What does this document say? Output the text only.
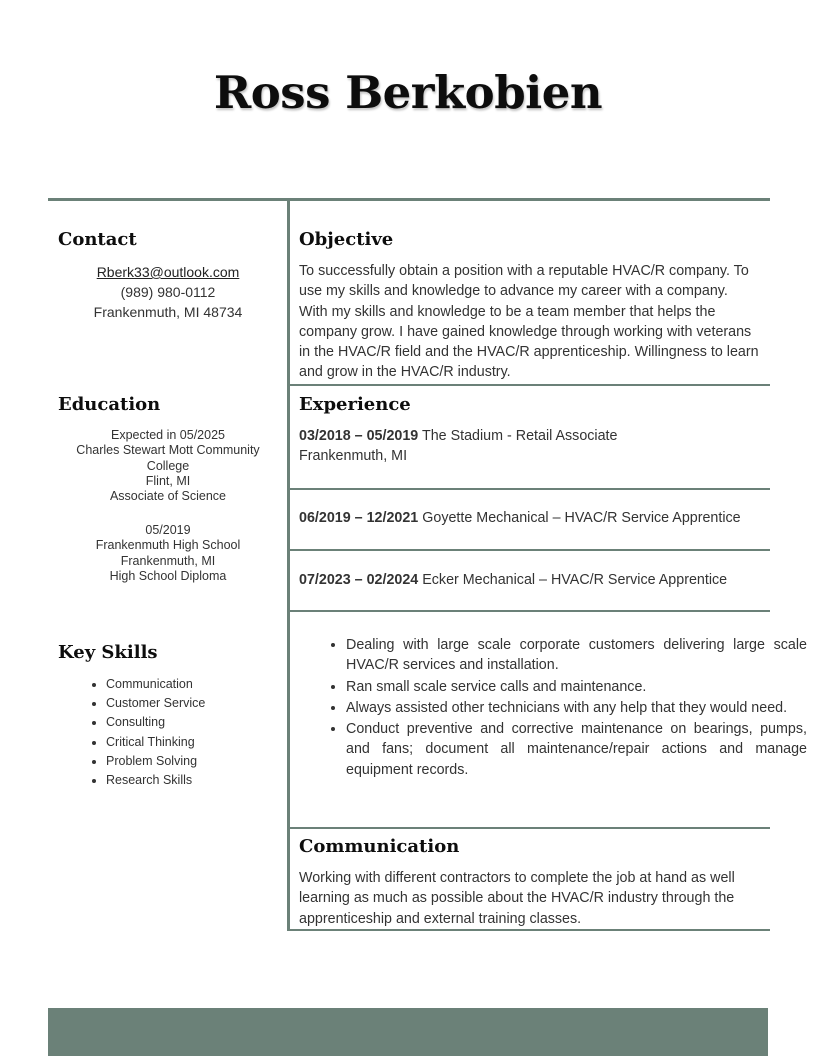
Ross Berkobien
Contact
Rberk33@outlook.com
(989) 980-0112
Frankenmuth, MI 48734
Education
Expected in 05/2025
Charles Stewart Mott Community College
Flint, MI
Associate of Science
05/2019
Frankenmuth High School
Frankenmuth, MI
High School Diploma
Key Skills
• Communication
• Customer Service
• Consulting
• Critical Thinking
• Problem Solving
• Research Skills
Objective
To successfully obtain a position with a reputable HVAC/R company. To use my skills and knowledge to advance my career with a company. With my skills and knowledge to be a team member that helps the company grow. I have gained knowledge through working with veterans in the HVAC/R field and the HVAC/R apprenticeship. Willingness to learn and grow in the HVAC/R industry.
Experience
03/2018 – 05/2019 The Stadium - Retail Associate
Frankenmuth, MI
06/2019 – 12/2021 Goyette Mechanical – HVAC/R Service Apprentice
07/2023 – 02/2024 Ecker Mechanical – HVAC/R Service Apprentice
• Dealing with large scale corporate customers delivering large scale HVAC/R services and installation.
• Ran small scale service calls and maintenance.
• Always assisted other technicians with any help that they would need.
• Conduct preventive and corrective maintenance on bearings, pumps, and fans; document all maintenance/repair actions and manage equipment records.
Communication
Working with different contractors to complete the job at hand as well learning as much as possible about the HVAC/R industry through the apprenticeship and external training classes.
